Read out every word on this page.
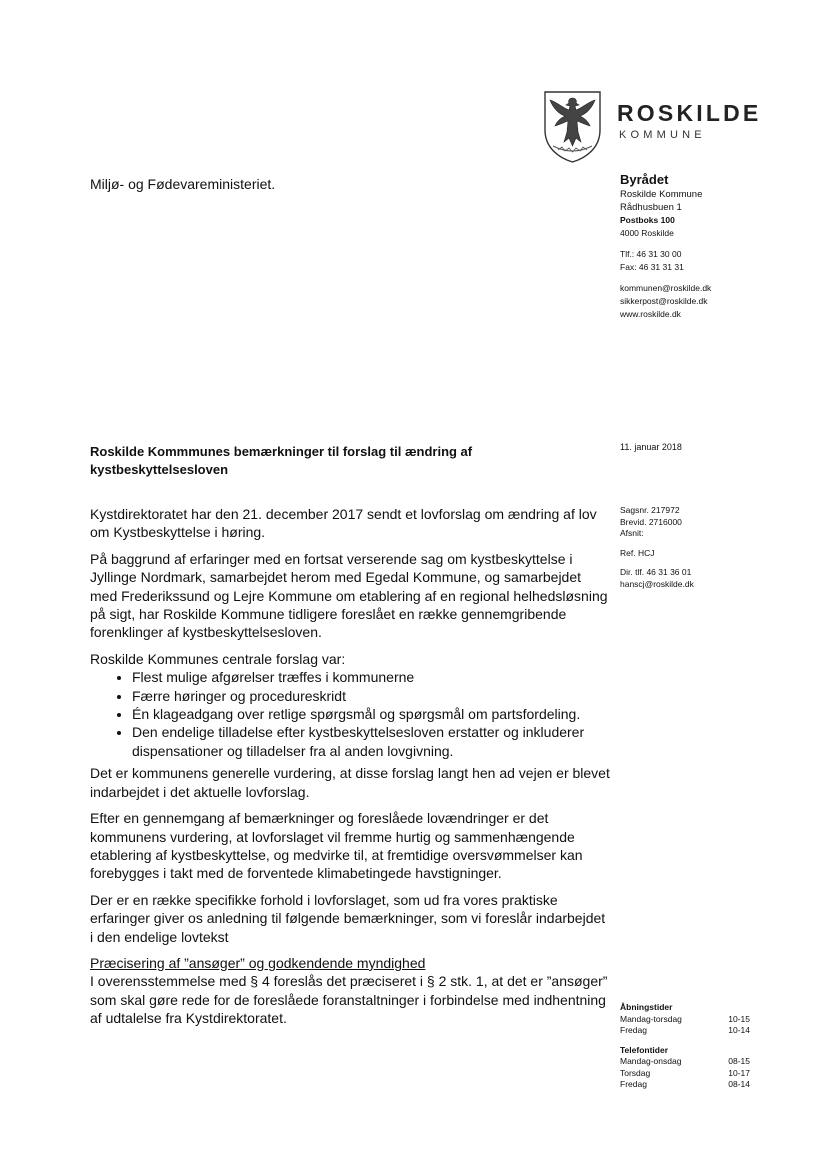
ROSKILDE
KOMMUNE
Miljø- og Fødevareministeriet.	Byrådet
Roskilde Kommune
Rådhusbuen 1
Postboks 100
4000 Roskilde
Tlf.: 46 31 30 00
Fax: 46 31 31 31
kommunen@roskilde.dk
sikkerpost@roskilde.dk
www.roskilde.dk
11. januar 2018
Roskilde Kommmunes bemærkninger til forslag til ændring af kystbeskyttelsesloven
Sagsnr. 217972
Brevid. 2716000
Afsnit:
Ref. HCJ
Dir. tlf. 46 31 36 01
hanscj@roskilde.dk

Kystdirektoratet har den 21. december 2017 sendt et lovforslag om ændring af lov om Kystbeskyttelse i høring.

På baggrund af erfaringer med en fortsat verserende sag om kystbeskyttelse i Jyllinge Nordmark, samarbejdet herom med Egedal Kommune, og samarbejdet med Frederikssund og Lejre Kommune om etablering af en regional helhedsløsning på sigt, har Roskilde Kommune tidligere foreslået en række gennemgribende forenklinger af kystbeskyttelsesloven.

Roskilde Kommunes centrale forslag var:

• Flest mulige afgørelser træffes i kommunerne
• Færre høringer og procedureskridt
• Én klageadgang over retlige spørgsmål og spørgsmål om partsfordeling.
• Den endelige tilladelse efter kystbeskyttelsesloven erstatter og inkluderer dispensationer og tilladelser fra al anden lovgivning.

Det er kommunens generelle vurdering, at disse forslag langt hen ad vejen er blevet indarbejdet i det aktuelle lovforslag.

Efter en gennemgang af bemærkninger og foreslåede lovændringer er det kommunens vurdering, at lovforslaget vil fremme hurtig og sammenhængende etablering af kystbeskyttelse, og medvirke til, at fremtidige oversvømmelser kan forebygges i takt med de forventede klimabetingede havstigninger.

Der er en række specifikke forhold i lovforslaget, som ud fra vores praktiske erfaringer giver os anledning til følgende bemærkninger, som vi foreslår indarbejdet i den endelige lovtekst

Præcisering af ”ansøger” og godkendende myndighed

I overensstemmelse med § 4 foreslås det præciseret i § 2 stk. 1, at det er ”ansøger” som skal gøre rede for de foreslåede foranstaltninger i forbindelse med indhentning af udtalelse fra Kystdirektoratet.

Åbningstider
Mandag-torsdag	10-15
Fredag	10-14
Telefontider
Mandag-onsdag	08-15
Torsdag	10-17
Fredag	08-14
